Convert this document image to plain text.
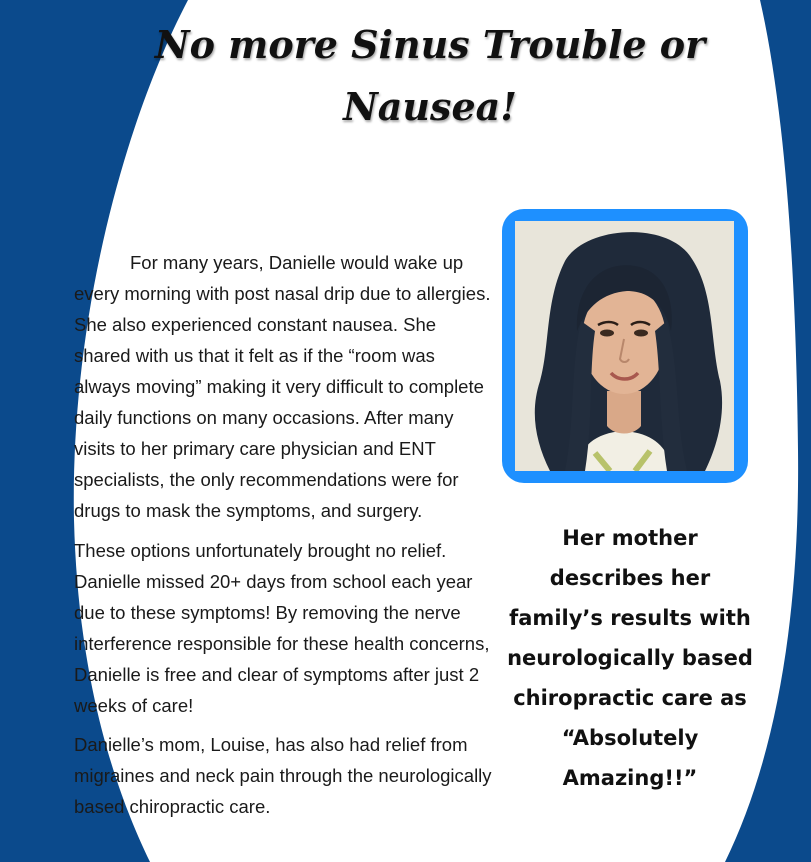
No more Sinus Trouble or
Nausea!

For many years, Danielle would wake up every morning with post nasal drip due to allergies. She also experienced constant nausea. She shared with us that it felt as if the “room was always moving” making it very difficult to complete daily functions on many occasions. After many visits to her primary care physician and ENT specialists, the only recommendations were for drugs to mask the symptoms, and surgery.

These options unfortunately brought no relief. Danielle missed 20+ days from school each year due to these symptoms! By removing the nerve interference responsible for these health concerns, Danielle is free and clear of symptoms after just 2 weeks of care!

Danielle’s mom, Louise, has also had relief from migraines and neck pain through the neurologically based chiropractic care.

Her mother
describes her
family’s results with
neurologically based
chiropractic care as
“Absolutely
Amazing!!”
